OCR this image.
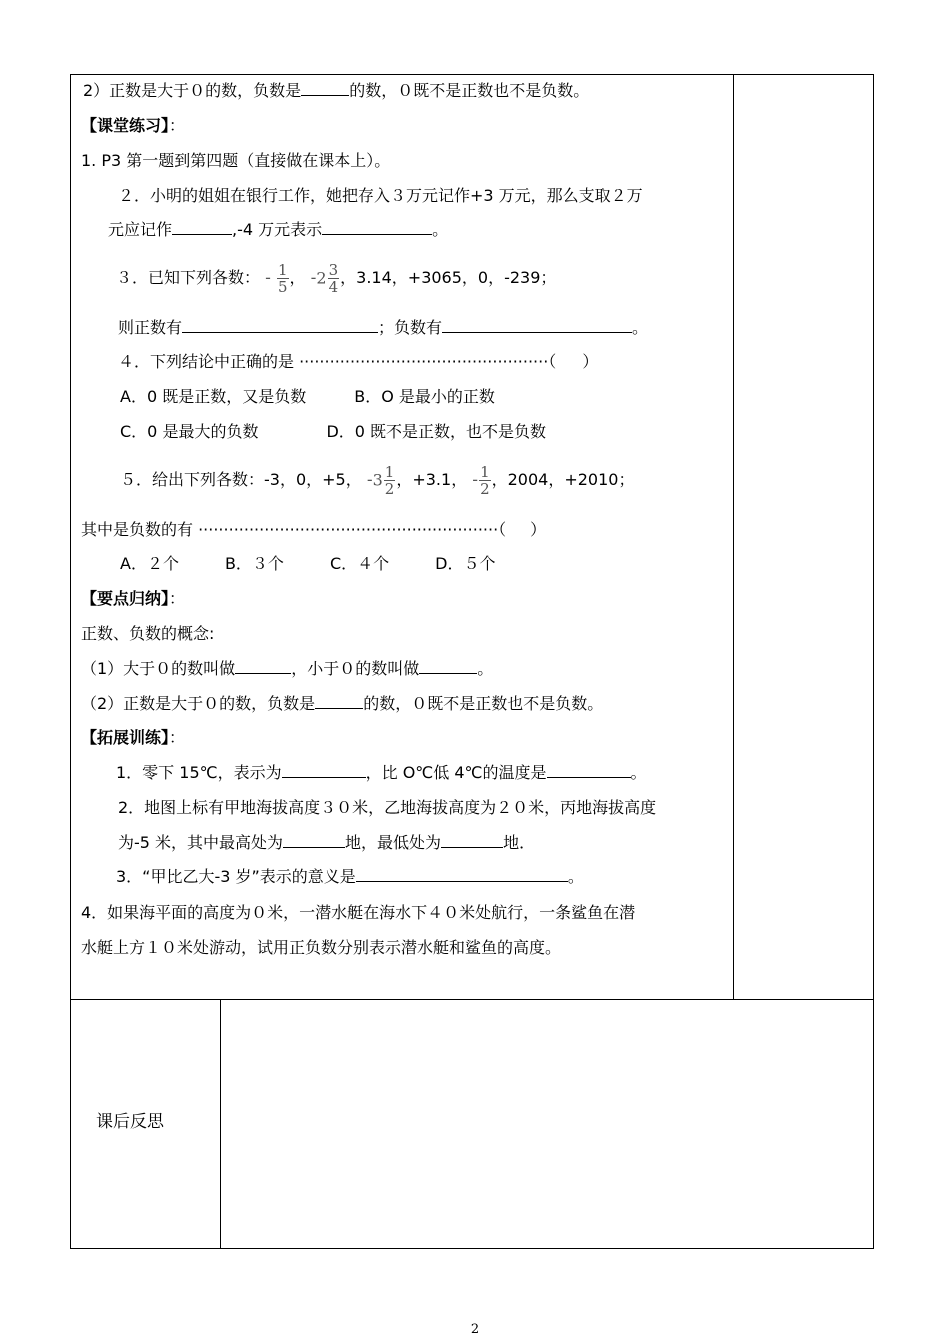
2）正数是大于０的数，负数是	的数，０既不是正数也不是负数。
【课堂练习】：
1. P3 第一题到第四题（直接做在课本上）。
２．小明的姐姐在银行工作，她把存入３万元记作+3 万元，那么支取２万
元应记作	,-4 万元表示	。
３．已知下列各数： - $\frac{1}{5}$ ， $-2 \frac{3}{4}$ ，3.14，+3065，0，-239；
则正数有	；负数有	。
４．下列结论中正确的是 ·················································（ ）
A．0 既是正数，又是负数	B．O 是最小的正数
C．0 是最大的负数	D．0 既不是正数，也不是负数
５．给出下列各数：-3，0，+5， $-3 \frac{1}{2}$ ，+3.1， - $\frac{1}{2}$ ，2004，+2010；
其中是负数的有 ···························································（ ）
A．２个	B．３个	C．４个	D．５个
【要点归纳】：
正数、负数的概念:
（1）大于０的数叫做	，小于０的数叫做	。
（2）正数是大于０的数，负数是	的数，０既不是正数也不是负数。
【拓展训练】：
1．零下 15℃，表示为	，比 O℃低 4℃的温度是	。
2．地图上标有甲地海拔高度３０米，乙地海拔高度为２０米，丙地海拔高度
为-5 米，其中最高处为	地，最低处为	地．
3．“甲比乙大-3 岁”表示的意义是	。
4．如果海平面的高度为０米，一潜水艇在海水下４０米处航行，一条鲨鱼在潜
水艇上方１０米处游动，试用正负数分别表示潜水艇和鲨鱼的高度。
课后反思
2
